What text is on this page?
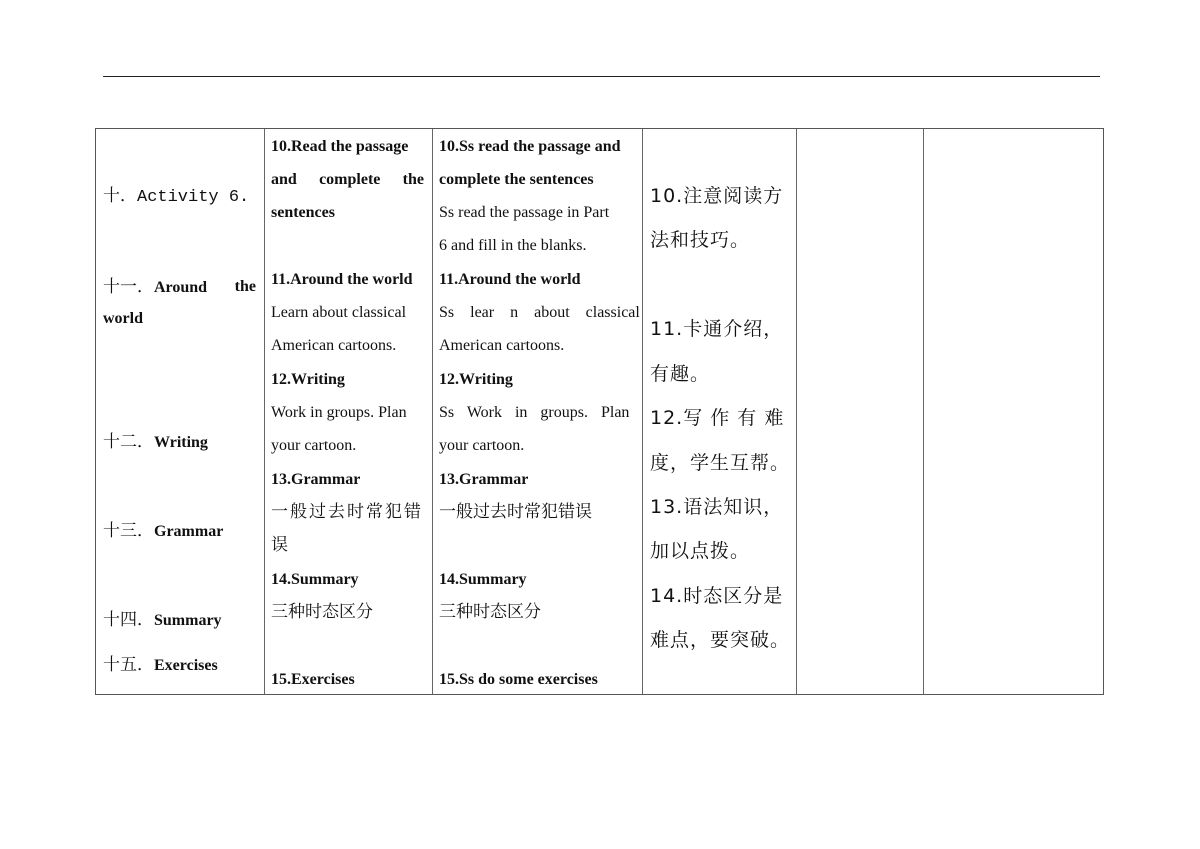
十．Activity 6.
十一．Around the
world
十二．Writing
十三．Grammar
十四．Summary
十五．Exercises
10.Read the passage
and complete the
sentences
11.Around the world
Learn about classical
American cartoons.
12.Writing
Work in groups. Plan
your cartoon.
13.Grammar
一般过去时常犯错
误
14.Summary
三种时态区分
15.Exercises
10.Ss read the passage and
complete the sentences
Ss read the passage in Part
6 and fill in the blanks.
11.Around the world
Ss lear n about classical
American cartoons.
12.Writing
Ss Work in groups. Plan
your cartoon.
13.Grammar
一般过去时常犯错误
14.Summary
三种时态区分
15.Ss do some exercises
10.注意阅读方
法和技巧。
11.卡通介绍，
有趣。
12.写 作 有 难
度，学生互帮。
13.语法知识，
加以点拨。
14.时态区分是
难点，要突破。
